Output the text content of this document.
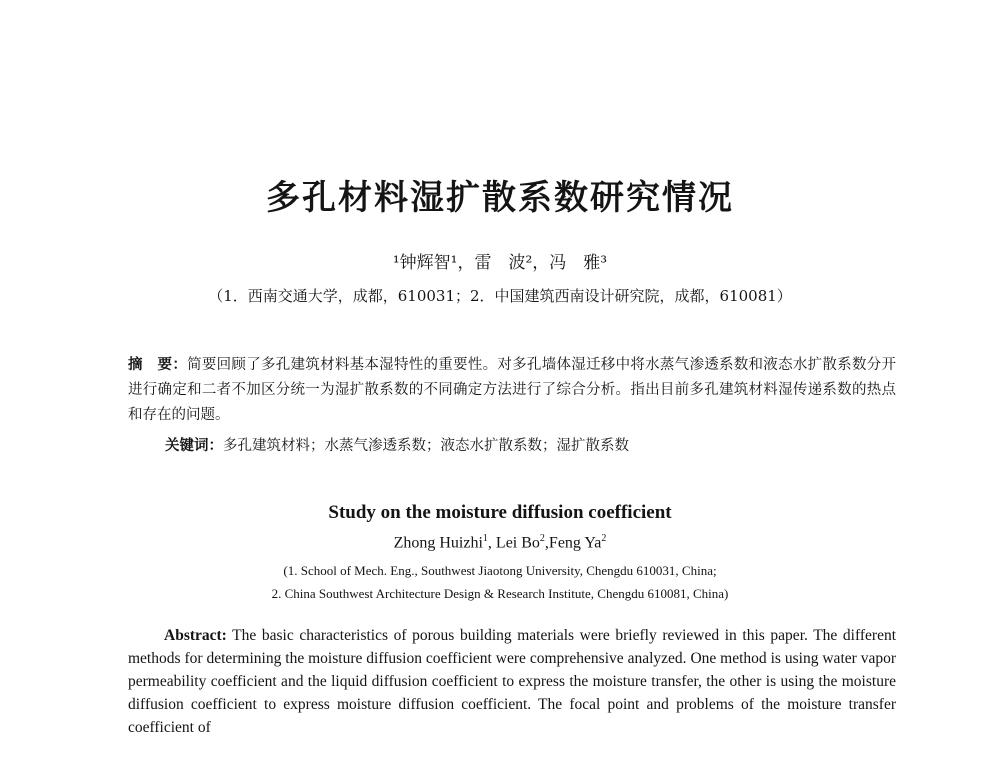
多孔材料湿扩散系数研究情况
¹钟辉智¹，雷　波²，冯　雅³
（1．西南交通大学，成都，610031；2．中国建筑西南设计研究院，成都，610081）
摘　要：简要回顾了多孔建筑材料基本湿特性的重要性。对多孔墙体湿迁移中将水蒸气渗透系数和液态水扩散系数分开进行确定和二者不加区分统一为湿扩散系数的不同确定方法进行了综合分析。指出目前多孔建筑材料湿传递系数的热点和存在的问题。
关键词：多孔建筑材料；水蒸气渗透系数；液态水扩散系数；湿扩散系数
Study on the moisture diffusion coefficient
Zhong Huizhi$^1$, Lei Bo$^2$,Feng Ya$^2$
(1. School of Mech. Eng., Southwest Jiaotong University, Chengdu 610031, China;
2. China Southwest Architecture Design & Research Institute, Chengdu 610081, China)

Abstract: The basic characteristics of porous building materials were briefly reviewed in this paper. The different methods for determining the moisture diffusion coefficient were comprehensive analyzed. One method is using water vapor permeability coefficient and the liquid diffusion coefficient to express the moisture transfer, the other is using the moisture diffusion coefficient to express moisture diffusion coefficient. The focal point and problems of the moisture transfer coefficient of
